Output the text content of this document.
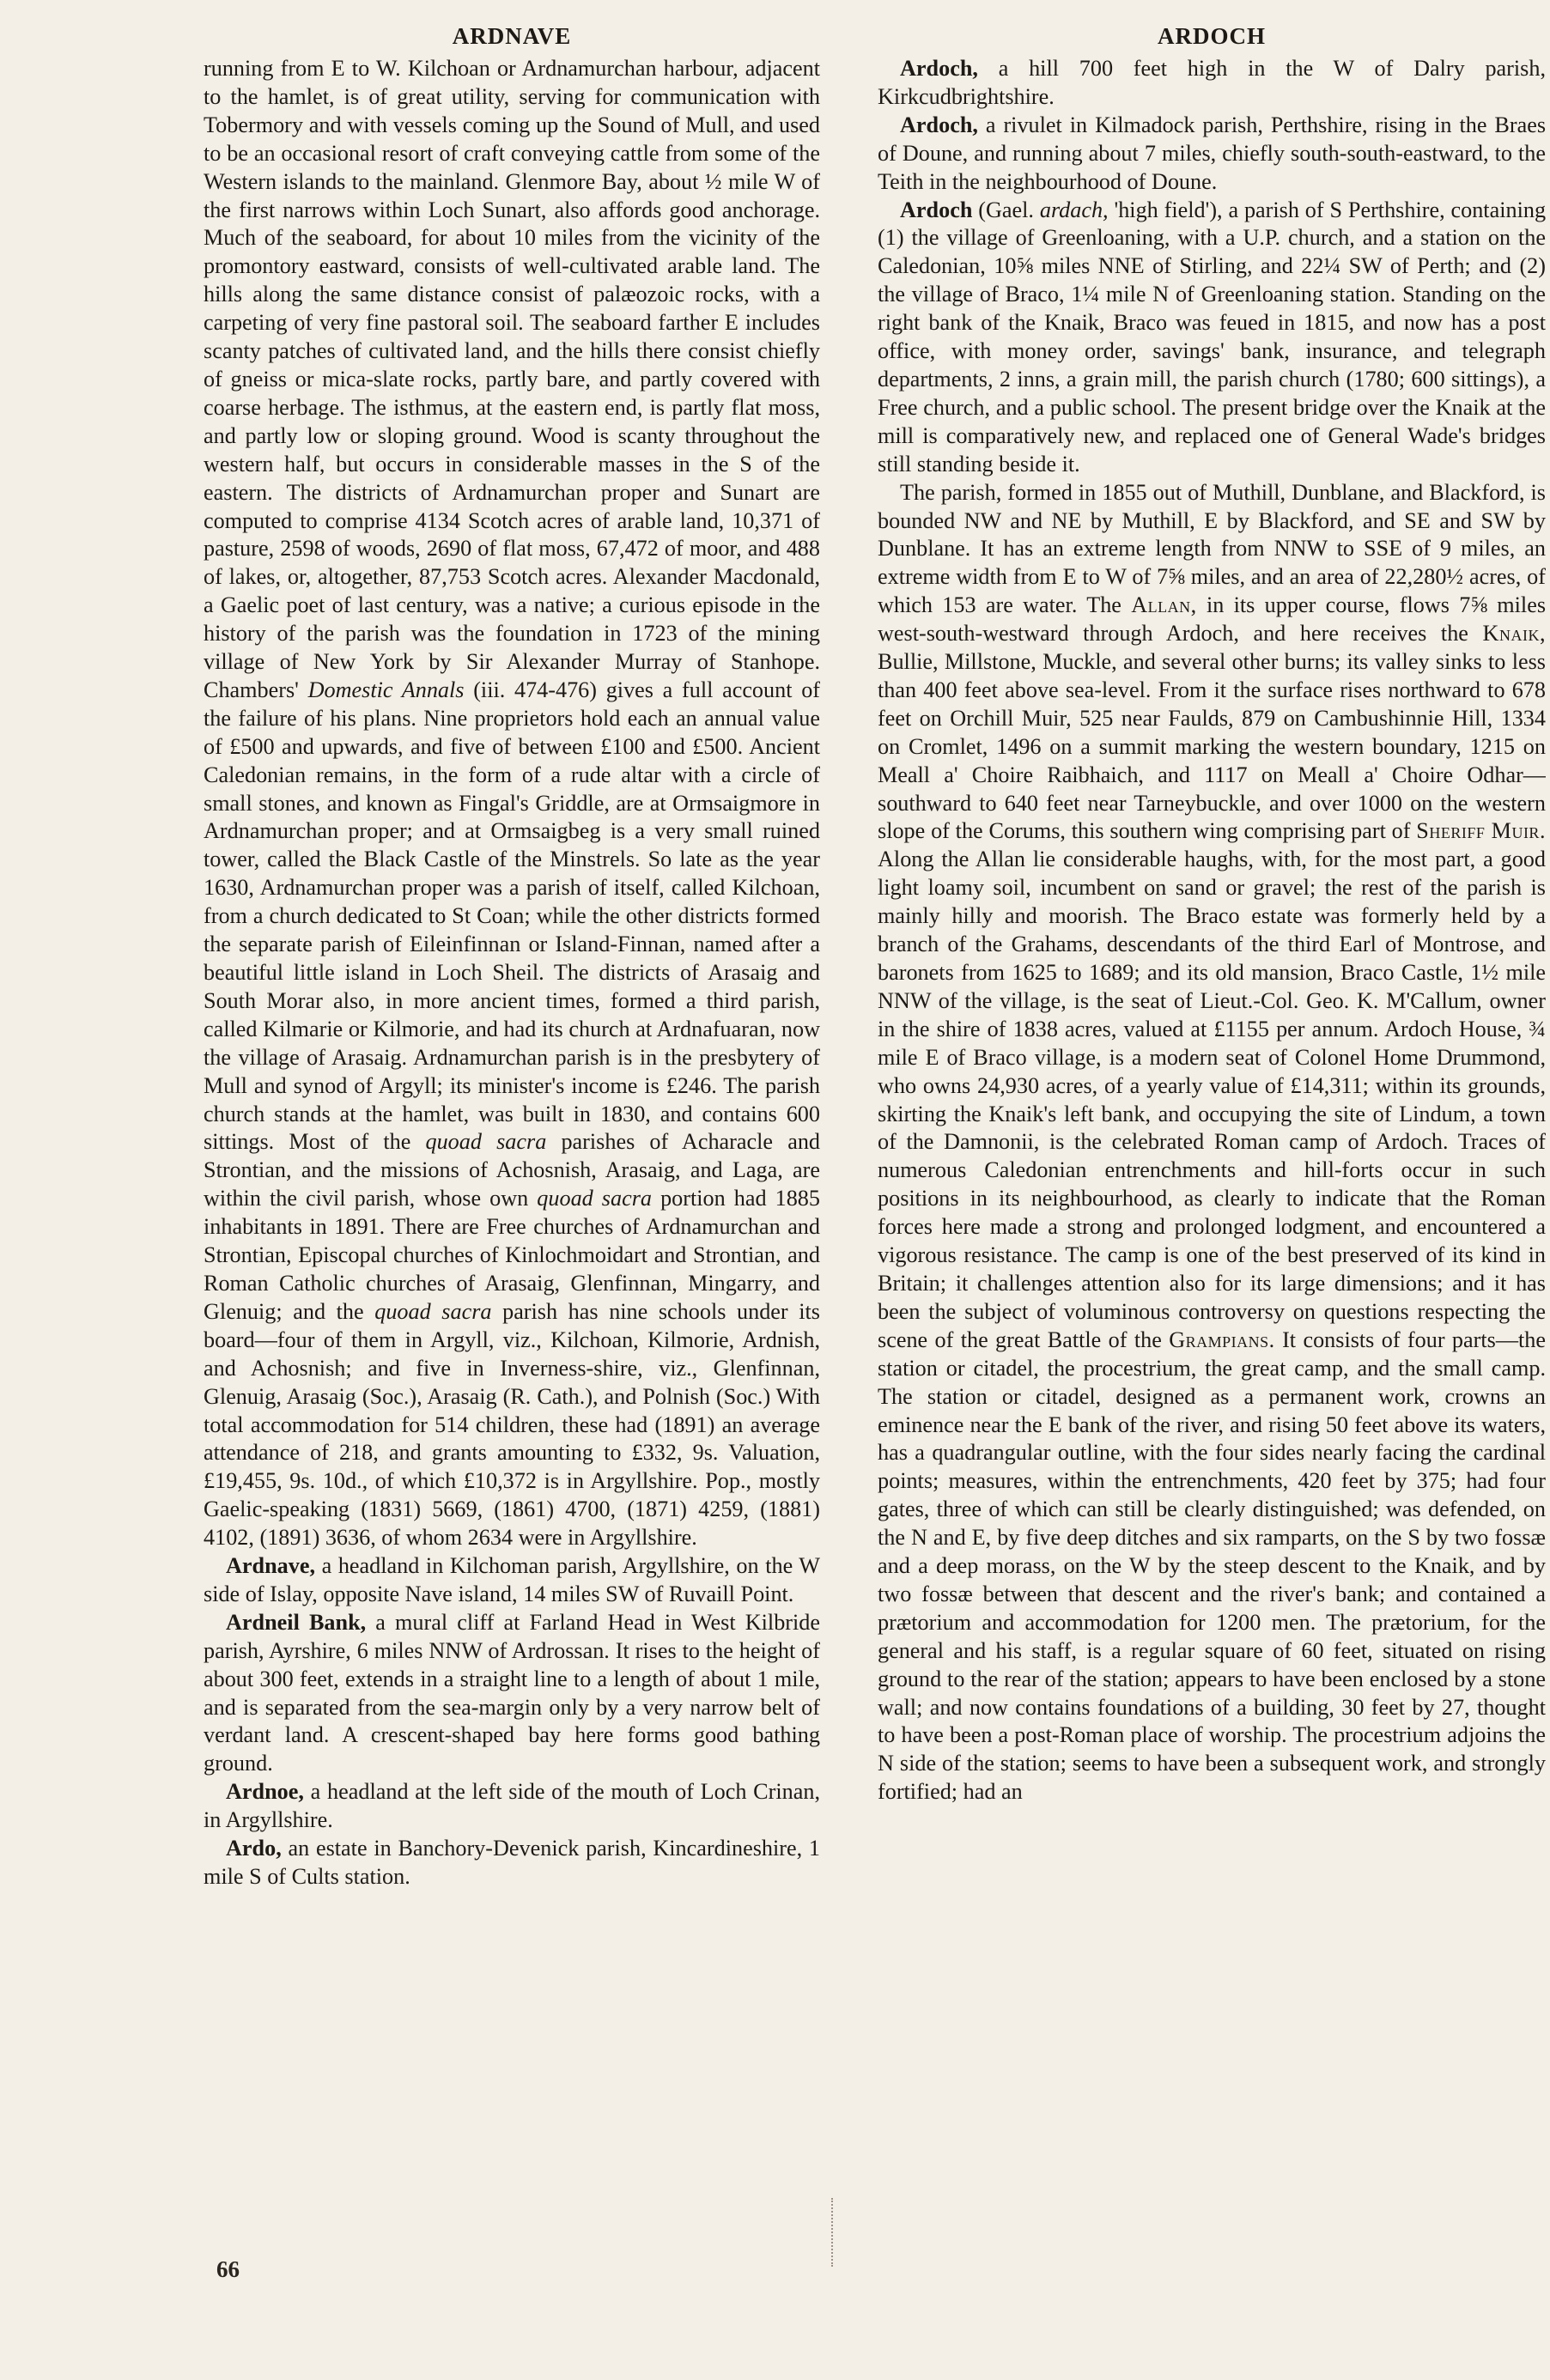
ARDNAVE

running from E to W. Kilchoan or Ardnamurchan harbour, adjacent to the hamlet, is of great utility, serving for communication with Tobermory and with vessels coming up the Sound of Mull, and used to be an occasional resort of craft conveying cattle from some of the Western islands to the mainland. Glenmore Bay, about ½ mile W of the first narrows within Loch Sunart, also affords good anchorage. Much of the seaboard, for about 10 miles from the vicinity of the promontory eastward, consists of well-cultivated arable land. The hills along the same distance consist of palæozoic rocks, with a carpeting of very fine pastoral soil. The seaboard farther E includes scanty patches of cultivated land, and the hills there consist chiefly of gneiss or mica-slate rocks, partly bare, and partly covered with coarse herbage. The isthmus, at the eastern end, is partly flat moss, and partly low or sloping ground. Wood is scanty throughout the western half, but occurs in considerable masses in the S of the eastern. The districts of Ardnamurchan proper and Sunart are computed to comprise 4134 Scotch acres of arable land, 10,371 of pasture, 2598 of woods, 2690 of flat moss, 67,472 of moor, and 488 of lakes, or, altogether, 87,753 Scotch acres. Alexander Macdonald, a Gaelic poet of last century, was a native; a curious episode in the history of the parish was the foundation in 1723 of the mining village of New York by Sir Alexander Murray of Stanhope. Chambers' Domestic Annals (iii. 474-476) gives a full account of the failure of his plans. Nine proprietors hold each an annual value of £500 and upwards, and five of between £100 and £500. Ancient Caledonian remains, in the form of a rude altar with a circle of small stones, and known as Fingal's Griddle, are at Ormsaigmore in Ardnamurchan proper; and at Ormsaigbeg is a very small ruined tower, called the Black Castle of the Minstrels. So late as the year 1630, Ardnamurchan proper was a parish of itself, called Kilchoan, from a church dedicated to St Coan; while the other districts formed the separate parish of Eileinfinnan or Island-Finnan, named after a beautiful little island in Loch Sheil. The districts of Arasaig and South Morar also, in more ancient times, formed a third parish, called Kilmarie or Kilmorie, and had its church at Ardnafuaran, now the village of Arasaig. Ardnamurchan parish is in the presbytery of Mull and synod of Argyll; its minister's income is £246. The parish church stands at the hamlet, was built in 1830, and contains 600 sittings. Most of the quoad sacra parishes of Acharacle and Strontian, and the missions of Achosnish, Arasaig, and Laga, are within the civil parish, whose own quoad sacra portion had 1885 inhabitants in 1891. There are Free churches of Ardnamurchan and Strontian, Episcopal churches of Kinlochmoidart and Strontian, and Roman Catholic churches of Arasaig, Glenfinnan, Mingarry, and Glenuig; and the quoad sacra parish has nine schools under its board—four of them in Argyll, viz., Kilchoan, Kilmorie, Ardnish, and Achosnish; and five in Inverness-shire, viz., Glenfinnan, Glenuig, Arasaig (Soc.), Arasaig (R. Cath.), and Polnish (Soc.) With total accommodation for 514 children, these had (1891) an average attendance of 218, and grants amounting to £332, 9s. Valuation, £19,455, 9s. 10d., of which £10,372 is in Argyllshire. Pop., mostly Gaelic-speaking (1831) 5669, (1861) 4700, (1871) 4259, (1881) 4102, (1891) 3636, of whom 2634 were in Argyllshire.

Ardnave, a headland in Kilchoman parish, Argyllshire, on the W side of Islay, opposite Nave island, 14 miles SW of Ruvaill Point.

Ardneil Bank, a mural cliff at Farland Head in West Kilbride parish, Ayrshire, 6 miles NNW of Ardrossan. It rises to the height of about 300 feet, extends in a straight line to a length of about 1 mile, and is separated from the sea-margin only by a very narrow belt of verdant land. A crescent-shaped bay here forms good bathing ground.

Ardnoe, a headland at the left side of the mouth of Loch Crinan, in Argyllshire.

Ardo, an estate in Banchory-Devenick parish, Kincardineshire, 1 mile S of Cults station.

66
ARDOCH

Ardoch, a hill 700 feet high in the W of Dalry parish, Kirkcudbrightshire.

Ardoch, a rivulet in Kilmadock parish, Perthshire, rising in the Braes of Doune, and running about 7 miles, chiefly south-south-eastward, to the Teith in the neighbourhood of Doune.

Ardoch (Gael. ardach, 'high field'), a parish of S Perthshire, containing (1) the village of Greenloaning, with a U.P. church, and a station on the Caledonian, 10⅝ miles NNE of Stirling, and 22¼ SW of Perth; and (2) the village of Braco, 1¼ mile N of Greenloaning station. Standing on the right bank of the Knaik, Braco was feued in 1815, and now has a post office, with money order, savings' bank, insurance, and telegraph departments, 2 inns, a grain mill, the parish church (1780; 600 sittings), a Free church, and a public school. The present bridge over the Knaik at the mill is comparatively new, and replaced one of General Wade's bridges still standing beside it.

The parish, formed in 1855 out of Muthill, Dunblane, and Blackford, is bounded NW and NE by Muthill, E by Blackford, and SE and SW by Dunblane. It has an extreme length from NNW to SSE of 9 miles, an extreme width from E to W of 7⅝ miles, and an area of 22,280½ acres, of which 153 are water. The Allan, in its upper course, flows 7⅝ miles west-south-westward through Ardoch, and here receives the Knaik, Bullie, Millstone, Muckle, and several other burns; its valley sinks to less than 400 feet above sea-level. From it the surface rises northward to 678 feet on Orchill Muir, 525 near Faulds, 879 on Cambushinnie Hill, 1334 on Cromlet, 1496 on a summit marking the western boundary, 1215 on Meall a' Choire Raibhaich, and 1117 on Meall a' Choire Odhar—southward to 640 feet near Tarneybuckle, and over 1000 on the western slope of the Corums, this southern wing comprising part of Sheriff Muir. Along the Allan lie considerable haughs, with, for the most part, a good light loamy soil, incumbent on sand or gravel; the rest of the parish is mainly hilly and moorish. The Braco estate was formerly held by a branch of the Grahams, descendants of the third Earl of Montrose, and baronets from 1625 to 1689; and its old mansion, Braco Castle, 1½ mile NNW of the village, is the seat of Lieut.-Col. Geo. K. M'Callum, owner in the shire of 1838 acres, valued at £1155 per annum. Ardoch House, ¾ mile E of Braco village, is a modern seat of Colonel Home Drummond, who owns 24,930 acres, of a yearly value of £14,311; within its grounds, skirting the Knaik's left bank, and occupying the site of Lindum, a town of the Damnonii, is the celebrated Roman camp of Ardoch. Traces of numerous Caledonian entrenchments and hill-forts occur in such positions in its neighbourhood, as clearly to indicate that the Roman forces here made a strong and prolonged lodgment, and encountered a vigorous resistance. The camp is one of the best preserved of its kind in Britain; it challenges attention also for its large dimensions; and it has been the subject of voluminous controversy on questions respecting the scene of the great Battle of the Grampians. It consists of four parts—the station or citadel, the procestrium, the great camp, and the small camp. The station or citadel, designed as a permanent work, crowns an eminence near the E bank of the river, and rising 50 feet above its waters, has a quadrangular outline, with the four sides nearly facing the cardinal points; measures, within the entrenchments, 420 feet by 375; had four gates, three of which can still be clearly distinguished; was defended, on the N and E, by five deep ditches and six ramparts, on the S by two fossæ and a deep morass, on the W by the steep descent to the Knaik, and by two fossæ between that descent and the river's bank; and contained a prætorium and accommodation for 1200 men. The prætorium, for the general and his staff, is a regular square of 60 feet, situated on rising ground to the rear of the station; appears to have been enclosed by a stone wall; and now contains foundations of a building, 30 feet by 27, thought to have been a post-Roman place of worship. The procestrium adjoins the N side of the station; seems to have been a subsequent work, and strongly fortified; had an
